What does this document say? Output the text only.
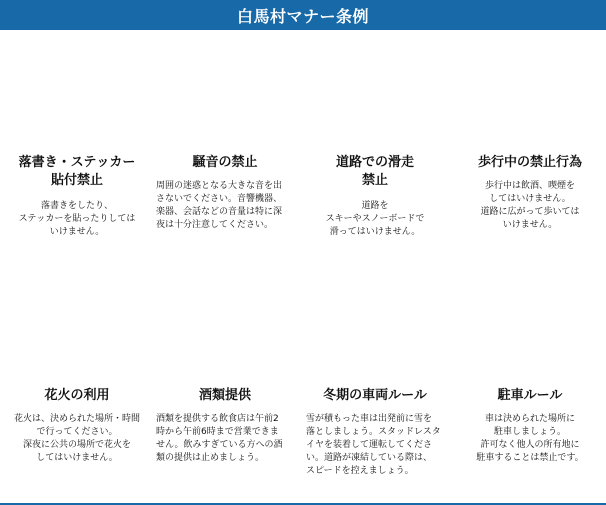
白馬村マナー条例

落書き・ステッカー
貼付禁止

落書きをしたり、
ステッカーを貼ったりしては
いけません。

騒音の禁止

周囲の迷惑となる大きな音を出
さないでください。音響機器、
楽器、会話などの音量は特に深
夜は十分注意してください。

道路での滑走
禁止

道路を
スキーやスノーボードで
滑ってはいけません。

歩行中の禁止行為

歩行中は飲酒、喫煙を
してはいけません。
道路に広がって歩いては
いけません。

花火の利用

花火は、決められた場所・時間
で行ってください。
深夜に公共の場所で花火を
してはいけません。

酒類提供

酒類を提供する飲食店は午前2
時から午前6時まで営業できま
せん。飲みすぎている方への酒
類の提供は止めましょう。

冬期の車両ルール

雪が積もった車は出発前に雪を
落としましょう。スタッドレスタ
イヤを装着して運転してくださ
い。道路が凍結している際は、
スピードを控えましょう。

駐車ルール

車は決められた場所に
駐車しましょう。
許可なく他人の所有地に
駐車することは禁止です。
